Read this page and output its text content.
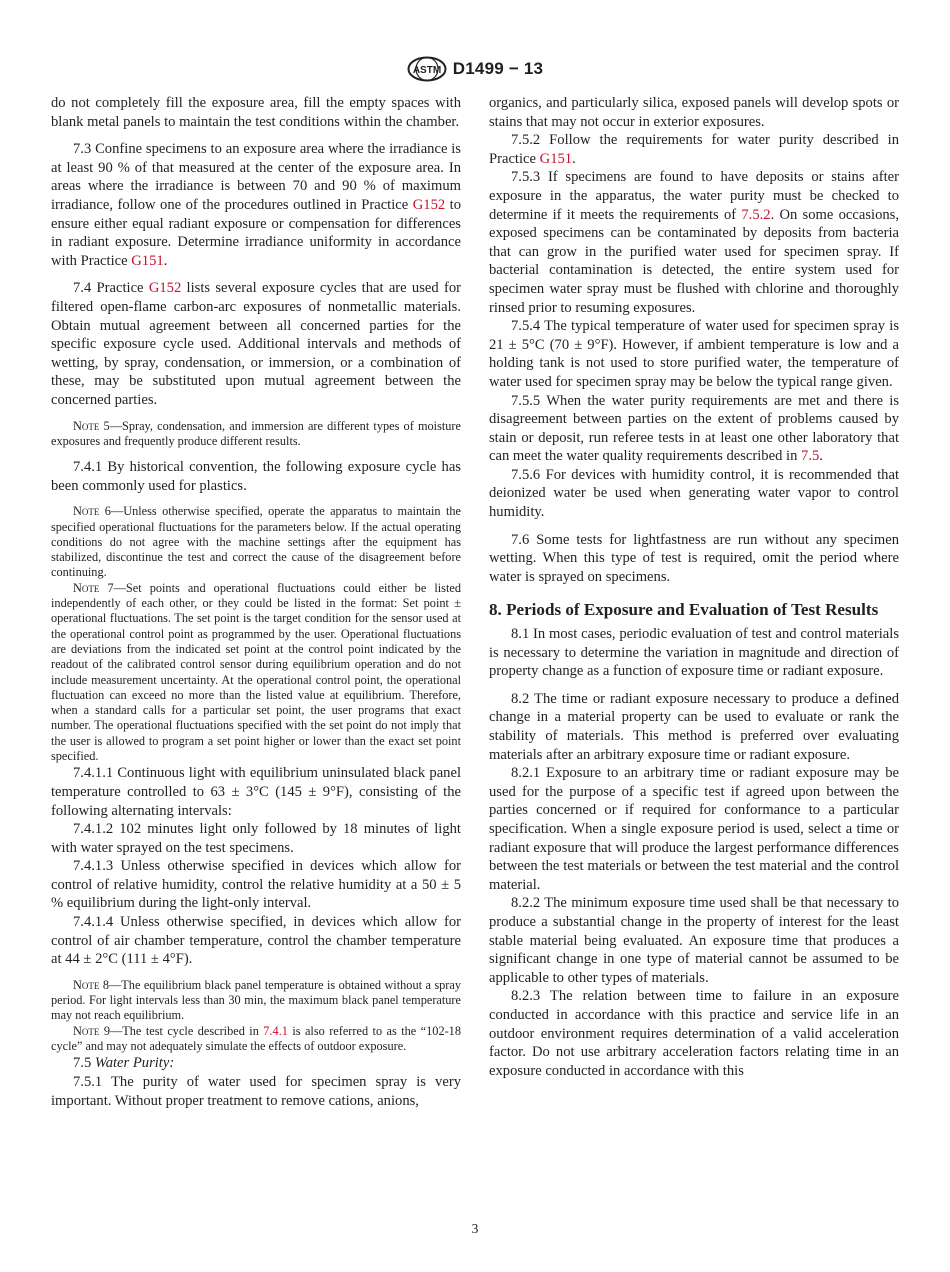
ASTM D1499 − 13

do not completely fill the exposure area, fill the empty spaces with blank metal panels to maintain the test conditions within the chamber.

7.3 Confine specimens to an exposure area where the irradiance is at least 90 % of that measured at the center of the exposure area. In areas where the irradiance is between 70 and 90 % of maximum irradiance, follow one of the procedures outlined in Practice G152 to ensure either equal radiant exposure or compensation for differences in radiant exposure. Determine irradiance uniformity in accordance with Practice G151.

7.4 Practice G152 lists several exposure cycles that are used for filtered open-flame carbon-arc exposures of nonmetallic materials. Obtain mutual agreement between all concerned parties for the specific exposure cycle used. Additional intervals and methods of wetting, by spray, condensation, or immersion, or a combination of these, may be substituted upon mutual agreement between the concerned parties.

Note 5—Spray, condensation, and immersion are different types of moisture exposures and frequently produce different results.

7.4.1 By historical convention, the following exposure cycle has been commonly used for plastics.

Note 6—Unless otherwise specified, operate the apparatus to maintain the specified operational fluctuations for the parameters below. If the actual operating conditions do not agree with the machine settings after the equipment has stabilized, discontinue the test and correct the cause of the disagreement before continuing.

Note 7—Set points and operational fluctuations could either be listed independently of each other, or they could be listed in the format: Set point ± operational fluctuations. The set point is the target condition for the sensor used at the operational control point as programmed by the user. Operational fluctuations are deviations from the indicated set point at the control point indicated by the readout of the calibrated control sensor during equilibrium operation and do not include measurement uncertainty. At the operational control point, the operational fluctuation can exceed no more than the listed value at equilibrium. Therefore, when a standard calls for a particular set point, the user programs that exact number. The operational fluctuations specified with the set point do not imply that the user is allowed to program a set point higher or lower than the exact set point specified.

7.4.1.1 Continuous light with equilibrium uninsulated black panel temperature controlled to 63 ± 3°C (145 ± 9°F), consisting of the following alternating intervals:

7.4.1.2 102 minutes light only followed by 18 minutes of light with water sprayed on the test specimens.

7.4.1.3 Unless otherwise specified in devices which allow for control of relative humidity, control the relative humidity at a 50 ± 5 % equilibrium during the light-only interval.

7.4.1.4 Unless otherwise specified, in devices which allow for control of air chamber temperature, control the chamber temperature at 44 ± 2°C (111 ± 4°F).

Note 8—The equilibrium black panel temperature is obtained without a spray period. For light intervals less than 30 min, the maximum black panel temperature may not reach equilibrium.

Note 9—The test cycle described in 7.4.1 is also referred to as the “102-18 cycle” and may not adequately simulate the effects of outdoor exposure.

7.5 Water Purity:

7.5.1 The purity of water used for specimen spray is very important. Without proper treatment to remove cations, anions,

organics, and particularly silica, exposed panels will develop spots or stains that may not occur in exterior exposures.

7.5.2 Follow the requirements for water purity described in Practice G151.

7.5.3 If specimens are found to have deposits or stains after exposure in the apparatus, the water purity must be checked to determine if it meets the requirements of 7.5.2. On some occasions, exposed specimens can be contaminated by deposits from bacteria that can grow in the purified water used for specimen spray. If bacterial contamination is detected, the entire system used for specimen water spray must be flushed with chlorine and thoroughly rinsed prior to resuming exposures.

7.5.4 The typical temperature of water used for specimen spray is 21 ± 5°C (70 ± 9°F). However, if ambient temperature is low and a holding tank is not used to store purified water, the temperature of water used for specimen spray may be below the typical range given.

7.5.5 When the water purity requirements are met and there is disagreement between parties on the extent of problems caused by stain or deposit, run referee tests in at least one other laboratory that can meet the water quality requirements described in 7.5.

7.5.6 For devices with humidity control, it is recommended that deionized water be used when generating water vapor to control humidity.

7.6 Some tests for lightfastness are run without any specimen wetting. When this type of test is required, omit the period where water is sprayed on specimens.

8. Periods of Exposure and Evaluation of Test Results

8.1 In most cases, periodic evaluation of test and control materials is necessary to determine the variation in magnitude and direction of property change as a function of exposure time or radiant exposure.

8.2 The time or radiant exposure necessary to produce a defined change in a material property can be used to evaluate or rank the stability of materials. This method is preferred over evaluating materials after an arbitrary exposure time or radiant exposure.

8.2.1 Exposure to an arbitrary time or radiant exposure may be used for the purpose of a specific test if agreed upon between the parties concerned or if required for conformance to a particular specification. When a single exposure period is used, select a time or radiant exposure that will produce the largest performance differences between the test materials or between the test material and the control material.

8.2.2 The minimum exposure time used shall be that necessary to produce a substantial change in the property of interest for the least stable material being evaluated. An exposure time that produces a significant change in one type of material cannot be assumed to be applicable to other types of materials.

8.2.3 The relation between time to failure in an exposure conducted in accordance with this practice and service life in an outdoor environment requires determination of a valid acceleration factor. Do not use arbitrary acceleration factors relating time in an exposure conducted in accordance with this

3
